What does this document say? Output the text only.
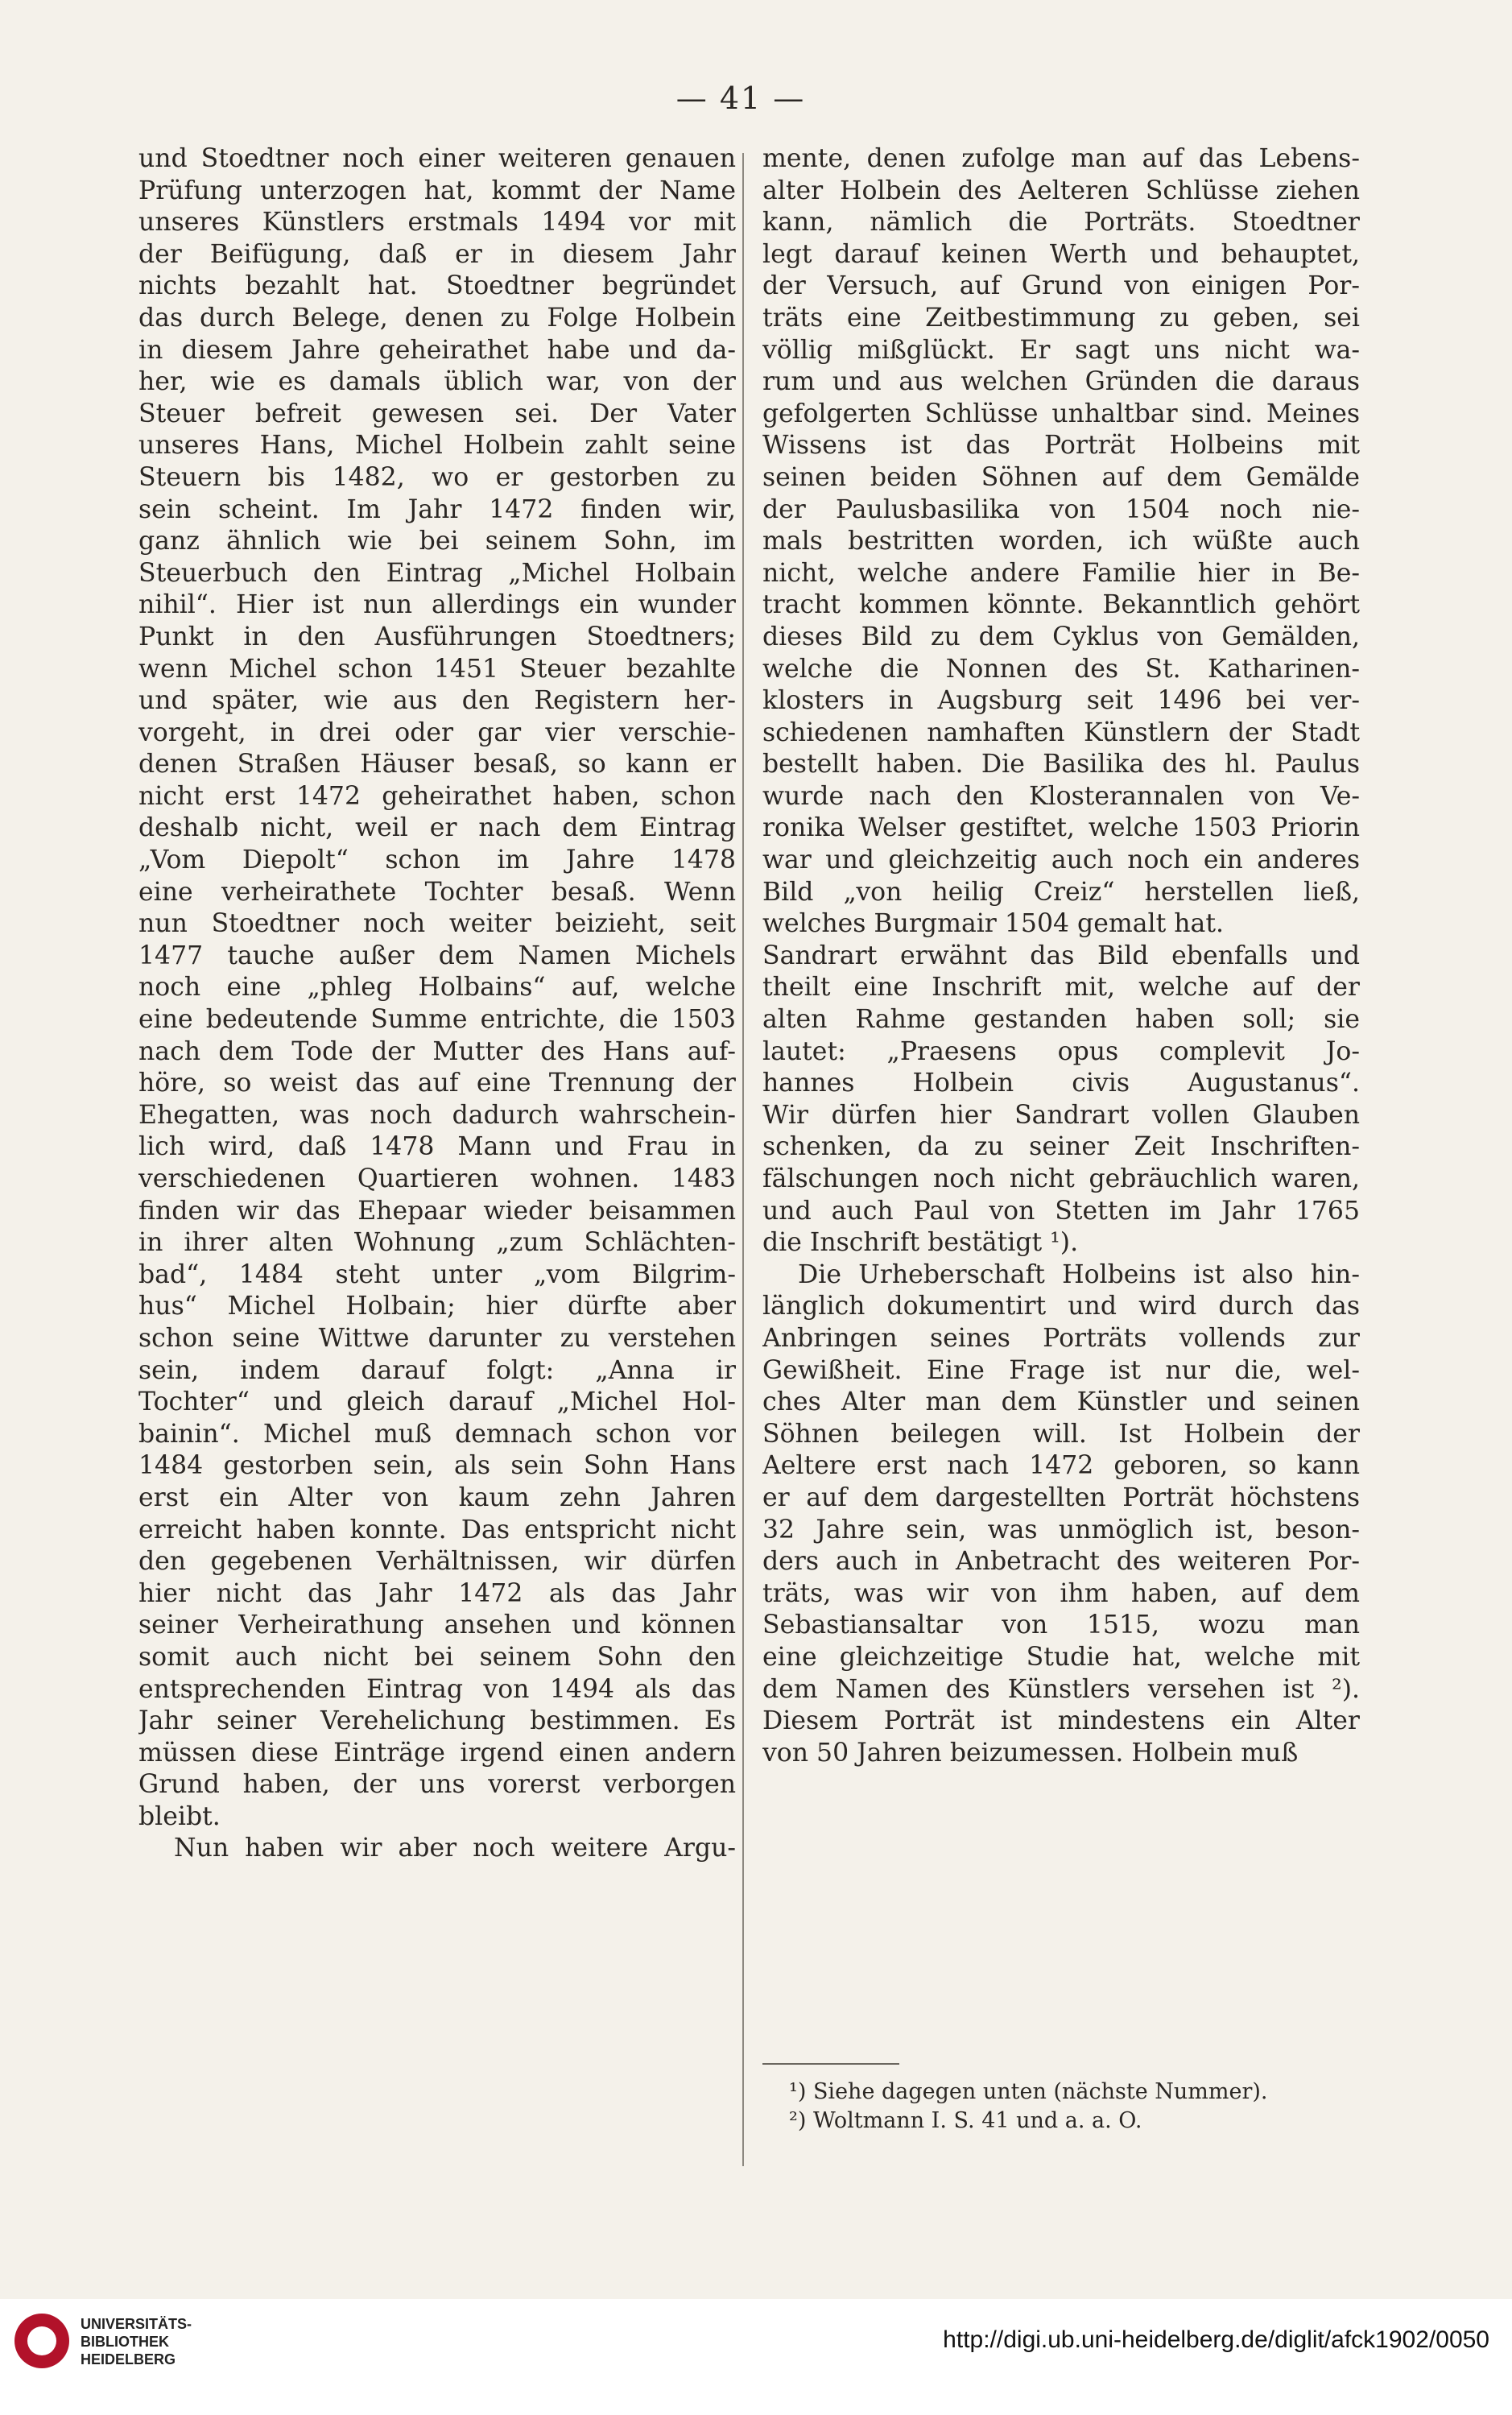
— 41 —
und Stoedtner noch einer weiteren genauen
Prüfung unterzogen hat, kommt der Name
unseres Künstlers erstmals 1494 vor mit
der Beifügung, daß er in diesem Jahr
nichts bezahlt hat. Stoedtner begründet
das durch Belege, denen zu Folge Holbein
in diesem Jahre geheirathet habe und da-
her, wie es damals üblich war, von der
Steuer befreit gewesen sei. Der Vater
unseres Hans, Michel Holbein zahlt seine
Steuern bis 1482, wo er gestorben zu
sein scheint. Im Jahr 1472 finden wir,
ganz ähnlich wie bei seinem Sohn, im
Steuerbuch den Eintrag „Michel Holbain
nihil“. Hier ist nun allerdings ein wunder
Punkt in den Ausführungen Stoedtners;
wenn Michel schon 1451 Steuer bezahlte
und später, wie aus den Registern her-
vorgeht, in drei oder gar vier verschie-
denen Straßen Häuser besaß, so kann er
nicht erst 1472 geheirathet haben, schon
deshalb nicht, weil er nach dem Eintrag
„Vom Diepolt“ schon im Jahre 1478
eine verheirathete Tochter besaß. Wenn
nun Stoedtner noch weiter beizieht, seit
1477 tauche außer dem Namen Michels
noch eine „phleg Holbains“ auf, welche
eine bedeutende Summe entrichte, die 1503
nach dem Tode der Mutter des Hans auf-
höre, so weist das auf eine Trennung der
Ehegatten, was noch dadurch wahrschein-
lich wird, daß 1478 Mann und Frau in
verschiedenen Quartieren wohnen. 1483
finden wir das Ehepaar wieder beisammen
in ihrer alten Wohnung „zum Schlächten-
bad“, 1484 steht unter „vom Bilgrim-
hus“ Michel Holbain; hier dürfte aber
schon seine Wittwe darunter zu verstehen
sein, indem darauf folgt: „Anna ir
Tochter“ und gleich darauf „Michel Hol-
bainin“. Michel muß demnach schon vor
1484 gestorben sein, als sein Sohn Hans
erst ein Alter von kaum zehn Jahren
erreicht haben konnte. Das entspricht nicht
den gegebenen Verhältnissen, wir dürfen
hier nicht das Jahr 1472 als das Jahr
seiner Verheirathung ansehen und können
somit auch nicht bei seinem Sohn den
entsprechenden Eintrag von 1494 als das
Jahr seiner Verehelichung bestimmen. Es
müssen diese Einträge irgend einen andern
Grund haben, der uns vorerst verborgen
bleibt.
Nun haben wir aber noch weitere Argu-
mente, denen zufolge man auf das Lebens-
alter Holbein des Aelteren Schlüsse ziehen
kann, nämlich die Porträts. Stoedtner
legt darauf keinen Werth und behauptet,
der Versuch, auf Grund von einigen Por-
träts eine Zeitbestimmung zu geben, sei
völlig mißglückt. Er sagt uns nicht wa-
rum und aus welchen Gründen die daraus
gefolgerten Schlüsse unhaltbar sind. Meines
Wissens ist das Porträt Holbeins mit
seinen beiden Söhnen auf dem Gemälde
der Paulusbasilika von 1504 noch nie-
mals bestritten worden, ich wüßte auch
nicht, welche andere Familie hier in Be-
tracht kommen könnte. Bekanntlich gehört
dieses Bild zu dem Cyklus von Gemälden,
welche die Nonnen des St. Katharinen-
klosters in Augsburg seit 1496 bei ver-
schiedenen namhaften Künstlern der Stadt
bestellt haben. Die Basilika des hl. Paulus
wurde nach den Klosterannalen von Ve-
ronika Welser gestiftet, welche 1503 Priorin
war und gleichzeitig auch noch ein anderes
Bild „von heilig Creiz“ herstellen ließ,
welches Burgmair 1504 gemalt hat.
Sandrart erwähnt das Bild ebenfalls und
theilt eine Inschrift mit, welche auf der
alten Rahme gestanden haben soll; sie
lautet: „Praesens opus complevit Jo-
hannes Holbein civis Augustanus“.
Wir dürfen hier Sandrart vollen Glauben
schenken, da zu seiner Zeit Inschriften-
fälschungen noch nicht gebräuchlich waren,
und auch Paul von Stetten im Jahr 1765
die Inschrift bestätigt ¹).
Die Urheberschaft Holbeins ist also hin-
länglich dokumentirt und wird durch das
Anbringen seines Porträts vollends zur
Gewißheit. Eine Frage ist nur die, wel-
ches Alter man dem Künstler und seinen
Söhnen beilegen will. Ist Holbein der
Aeltere erst nach 1472 geboren, so kann
er auf dem dargestellten Porträt höchstens
32 Jahre sein, was unmöglich ist, beson-
ders auch in Anbetracht des weiteren Por-
träts, was wir von ihm haben, auf dem
Sebastiansaltar von 1515, wozu man
eine gleichzeitige Studie hat, welche mit
dem Namen des Künstlers versehen ist ²).
Diesem Porträt ist mindestens ein Alter
von 50 Jahren beizumessen. Holbein muß
¹) Siehe dagegen unten (nächste Nummer).
²) Woltmann I. S. 41 und a. a. O.
UNIVERSITÄTS-
BIBLIOTHEK
HEIDELBERG
http://digi.ub.uni-heidelberg.de/diglit/afck1902/0050
